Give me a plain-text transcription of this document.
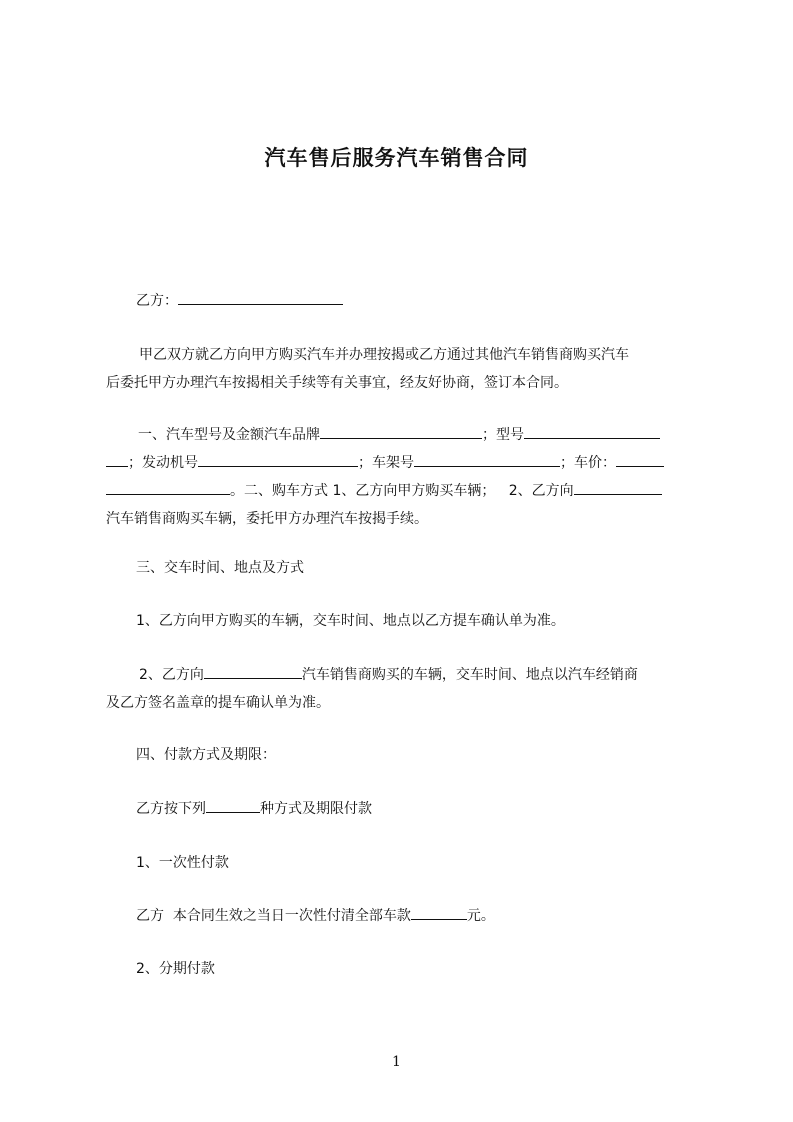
汽车售后服务汽车销售合同
乙方：
甲乙双方就乙方向甲方购买汽车并办理按揭或乙方通过其他汽车销售商购买汽车
后委托甲方办理汽车按揭相关手续等有关事宜，经友好协商，签订本合同。
一、汽车型号及金额汽车品牌	；型号
；发动机号	；车架号	；车价：
。二、购车方式 1、乙方向甲方购买车辆；   2、乙方向
汽车销售商购买车辆，委托甲方办理汽车按揭手续。
三、交车时间、地点及方式
1、乙方向甲方购买的车辆，交车时间、地点以乙方提车确认单为准。
2、乙方向	汽车销售商购买的车辆，交车时间、地点以汽车经销商
及乙方签名盖章的提车确认单为准。
四、付款方式及期限：
乙方按下列	种方式及期限付款
1、一次性付款
乙方  本合同生效之当日一次性付清全部车款	元。
2、分期付款
1
